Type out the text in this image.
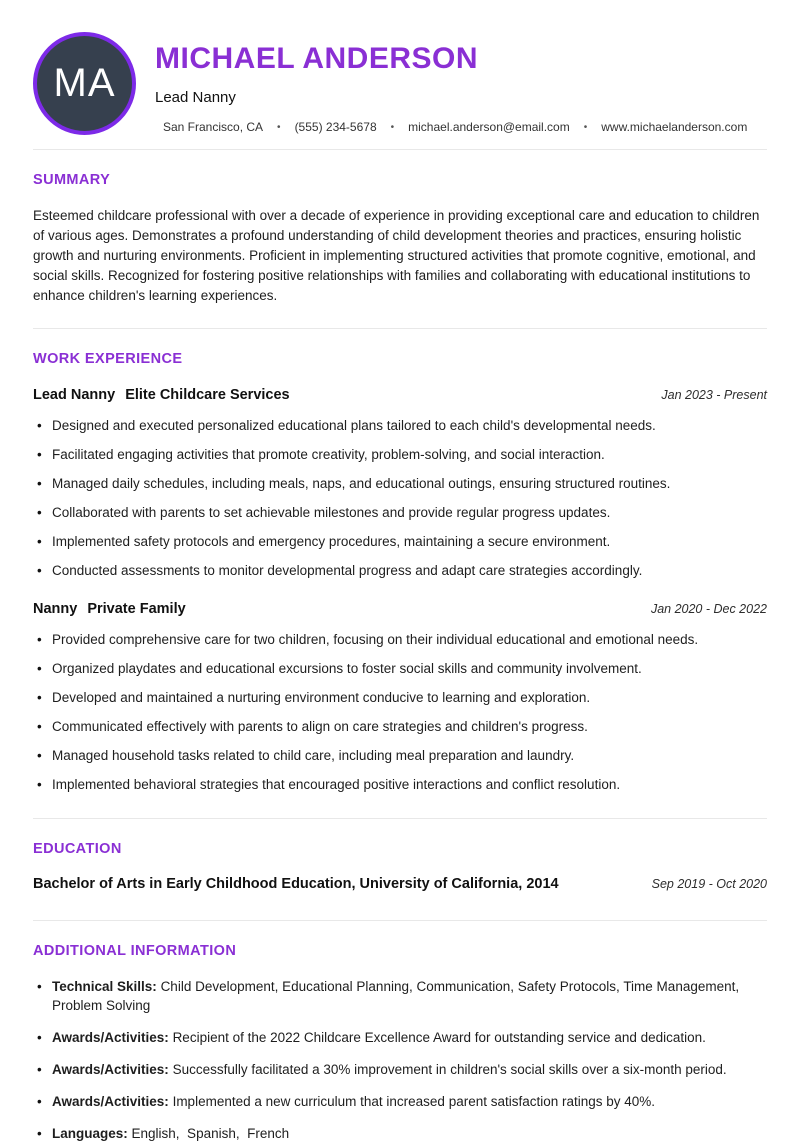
MA
MICHAEL ANDERSON
Lead Nanny
San Francisco, CA • (555) 234-5678 • michael.anderson@email.com • www.michaelanderson.com
SUMMARY

Esteemed childcare professional with over a decade of experience in providing exceptional care and education to children of various ages. Demonstrates a profound understanding of child development theories and practices, ensuring holistic growth and nurturing environments. Proficient in implementing structured activities that promote cognitive, emotional, and social skills. Recognized for fostering positive relationships with families and collaborating with educational institutions to enhance children's learning experiences.

WORK EXPERIENCE
Lead Nanny Elite Childcare Services	Jan 2023 - Present
• Designed and executed personalized educational plans tailored to each child's developmental needs.
• Facilitated engaging activities that promote creativity, problem-solving, and social interaction.
• Managed daily schedules, including meals, naps, and educational outings, ensuring structured routines.
• Collaborated with parents to set achievable milestones and provide regular progress updates.
• Implemented safety protocols and emergency procedures, maintaining a secure environment.
• Conducted assessments to monitor developmental progress and adapt care strategies accordingly.
Nanny Private Family	Jan 2020 - Dec 2022
• Provided comprehensive care for two children, focusing on their individual educational and emotional needs.
• Organized playdates and educational excursions to foster social skills and community involvement.
• Developed and maintained a nurturing environment conducive to learning and exploration.
• Communicated effectively with parents to align on care strategies and children's progress.
• Managed household tasks related to child care, including meal preparation and laundry.
• Implemented behavioral strategies that encouraged positive interactions and conflict resolution.
EDUCATION
Bachelor of Arts in Early Childhood Education, University of California, 2014	Sep 2019 - Oct 2020
ADDITIONAL INFORMATION
• Technical Skills: Child Development, Educational Planning, Communication, Safety Protocols, Time Management, Problem Solving
• Awards/Activities: Recipient of the 2022 Childcare Excellence Award for outstanding service and dedication.
• Awards/Activities: Successfully facilitated a 30% improvement in children's social skills over a six-month period.
• Awards/Activities: Implemented a new curriculum that increased parent satisfaction ratings by 40%.
• Languages: English,  Spanish,  French
